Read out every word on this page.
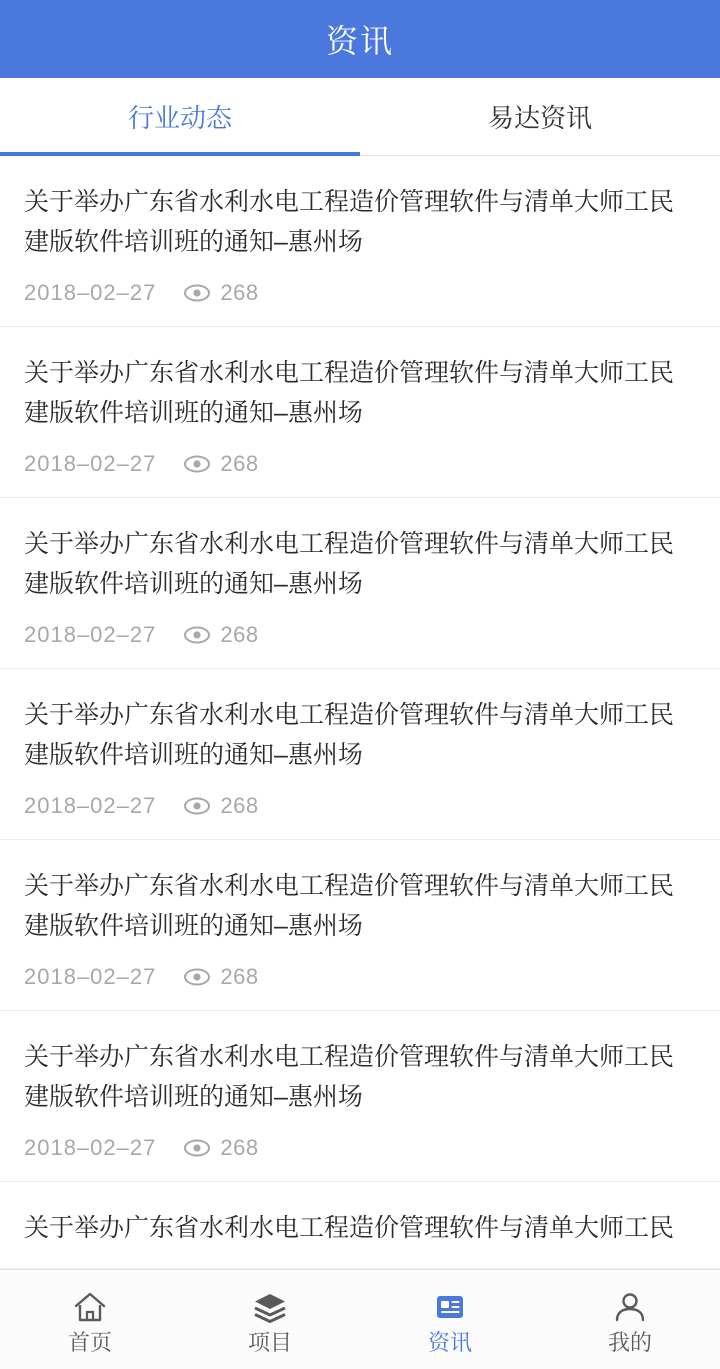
资讯
行业动态	易达资讯
关于举办广东省水利水电工程造价管理软件与清单大师工民建版软件培训班的通知–惠州场
2018–02–27	268
关于举办广东省水利水电工程造价管理软件与清单大师工民建版软件培训班的通知–惠州场
2018–02–27	268
关于举办广东省水利水电工程造价管理软件与清单大师工民建版软件培训班的通知–惠州场
2018–02–27	268
关于举办广东省水利水电工程造价管理软件与清单大师工民建版软件培训班的通知–惠州场
2018–02–27	268
关于举办广东省水利水电工程造价管理软件与清单大师工民建版软件培训班的通知–惠州场
2018–02–27	268
关于举办广东省水利水电工程造价管理软件与清单大师工民建版软件培训班的通知–惠州场
2018–02–27	268
关于举办广东省水利水电工程造价管理软件与清单大师工民
首页	项目	资讯	我的
